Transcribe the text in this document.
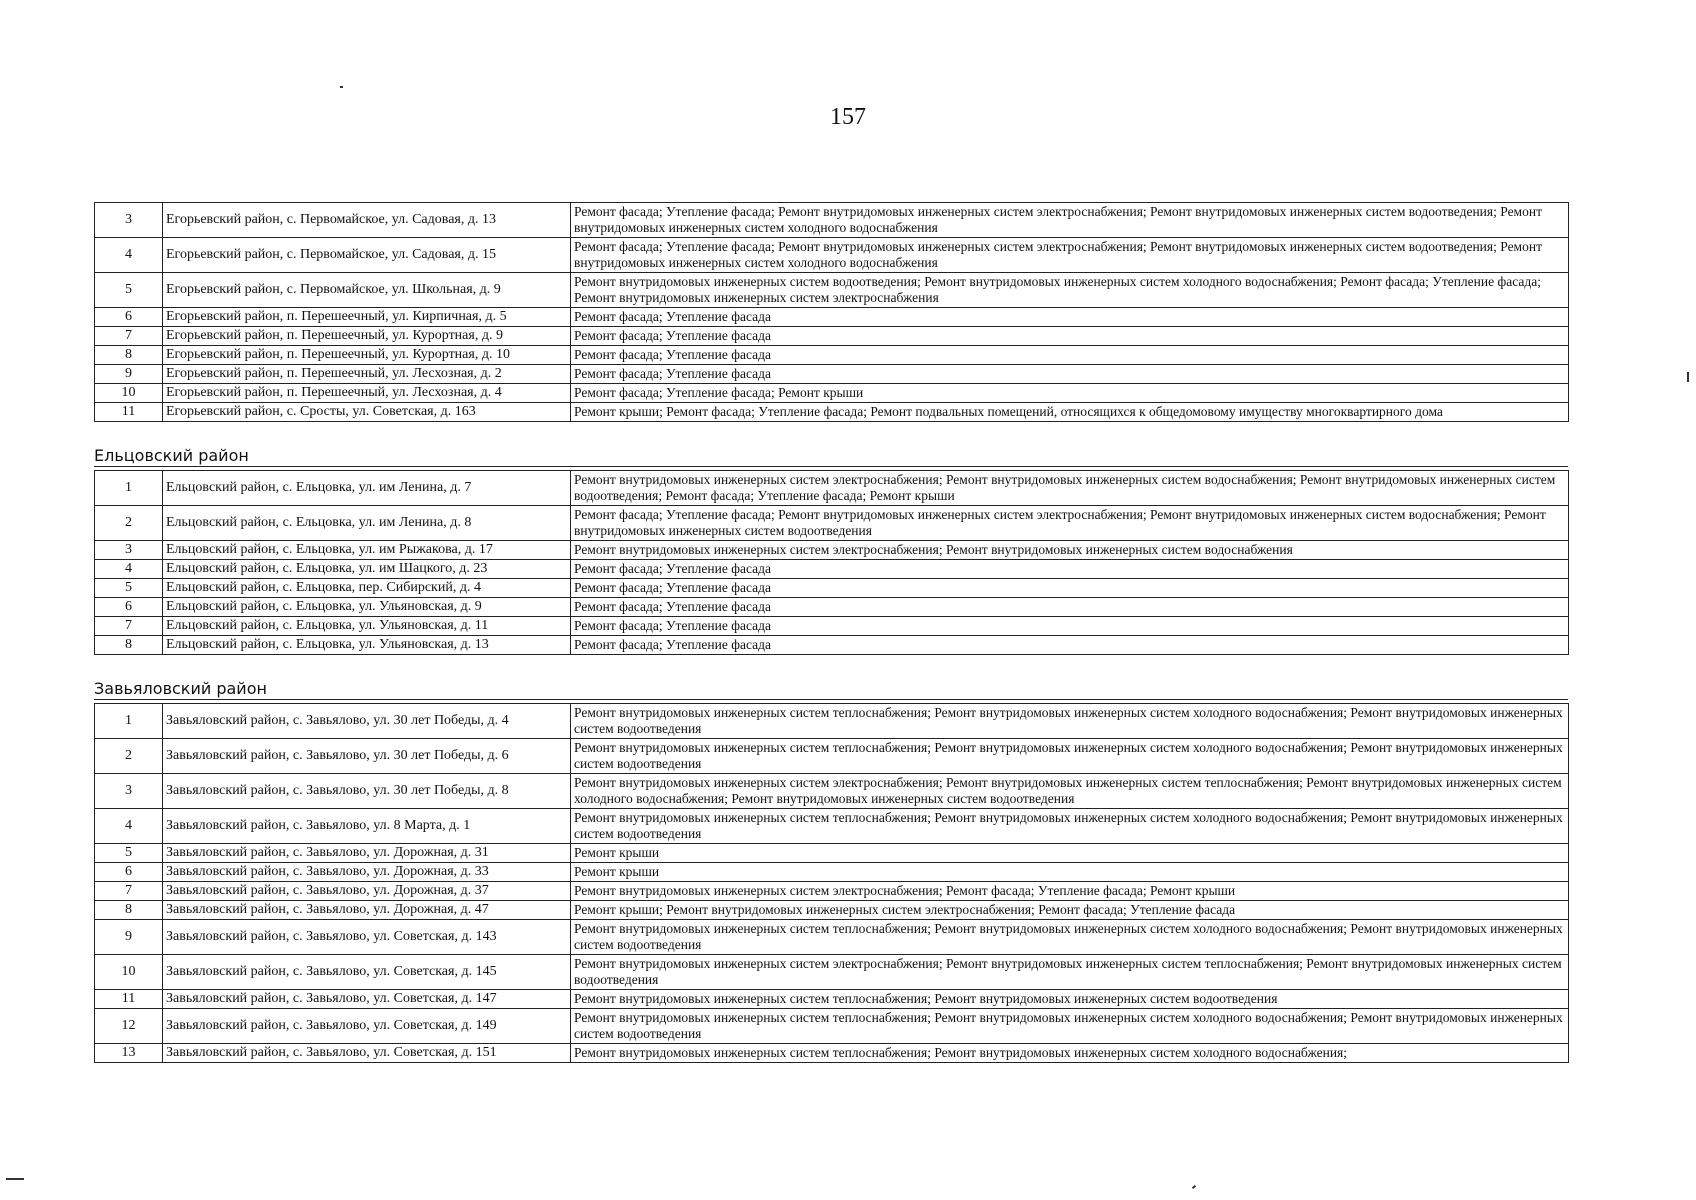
157
3	Егорьевский район, с. Первомайское, ул. Садовая, д. 13	Ремонт фасада; Утепление фасада; Ремонт внутридомовых инженерных систем электроснабжения; Ремонт внутридомовых инженерных систем водоотведения; Ремонт внутридомовых инженерных систем холодного водоснабжения
4	Егорьевский район, с. Первомайское, ул. Садовая, д. 15	Ремонт фасада; Утепление фасада; Ремонт внутридомовых инженерных систем электроснабжения; Ремонт внутридомовых инженерных систем водоотведения; Ремонт внутридомовых инженерных систем холодного водоснабжения
5	Егорьевский район, с. Первомайское, ул. Школьная, д. 9	Ремонт внутридомовых инженерных систем водоотведения; Ремонт внутридомовых инженерных систем холодного водоснабжения; Ремонт фасада; Утепление фасада; Ремонт внутридомовых инженерных систем электроснабжения
6	Егорьевский район, п. Перешеечный, ул. Кирпичная, д. 5	Ремонт фасада; Утепление фасада
7	Егорьевский район, п. Перешеечный, ул. Курортная, д. 9	Ремонт фасада; Утепление фасада
8	Егорьевский район, п. Перешеечный, ул. Курортная, д. 10	Ремонт фасада; Утепление фасада
9	Егорьевский район, п. Перешеечный, ул. Лесхозная, д. 2	Ремонт фасада; Утепление фасада
10	Егорьевский район, п. Перешеечный, ул. Лесхозная, д. 4	Ремонт фасада; Утепление фасада; Ремонт крыши
11	Егорьевский район, с. Сросты, ул. Советская, д. 163	Ремонт крыши; Ремонт фасада; Утепление фасада; Ремонт подвальных помещений, относящихся к общедомовому имуществу многоквартирного дома
Ельцовский район
1	Ельцовский район, с. Ельцовка, ул. им Ленина, д. 7	Ремонт внутридомовых инженерных систем электроснабжения; Ремонт внутридомовых инженерных систем водоснабжения; Ремонт внутридомовых инженерных систем водоотведения; Ремонт фасада; Утепление фасада; Ремонт крыши
2	Ельцовский район, с. Ельцовка, ул. им Ленина, д. 8	Ремонт фасада; Утепление фасада; Ремонт внутридомовых инженерных систем электроснабжения; Ремонт внутридомовых инженерных систем водоснабжения; Ремонт внутридомовых инженерных систем водоотведения
3	Ельцовский район, с. Ельцовка, ул. им Рыжакова, д. 17	Ремонт внутридомовых инженерных систем электроснабжения; Ремонт внутридомовых инженерных систем водоснабжения
4	Ельцовский район, с. Ельцовка, ул. им Шацкого, д. 23	Ремонт фасада; Утепление фасада
5	Ельцовский район, с. Ельцовка, пер. Сибирский, д. 4	Ремонт фасада; Утепление фасада
6	Ельцовский район, с. Ельцовка, ул. Ульяновская, д. 9	Ремонт фасада; Утепление фасада
7	Ельцовский район, с. Ельцовка, ул. Ульяновская, д. 11	Ремонт фасада; Утепление фасада
8	Ельцовский район, с. Ельцовка, ул. Ульяновская, д. 13	Ремонт фасада; Утепление фасада
Завьяловский район
1	Завьяловский район, с. Завьялово, ул. 30 лет Победы, д. 4	Ремонт внутридомовых инженерных систем теплоснабжения; Ремонт внутридомовых инженерных систем холодного водоснабжения; Ремонт внутридомовых инженерных систем водоотведения
2	Завьяловский район, с. Завьялово, ул. 30 лет Победы, д. 6	Ремонт внутридомовых инженерных систем теплоснабжения; Ремонт внутридомовых инженерных систем холодного водоснабжения; Ремонт внутридомовых инженерных систем водоотведения
3	Завьяловский район, с. Завьялово, ул. 30 лет Победы, д. 8	Ремонт внутридомовых инженерных систем электроснабжения; Ремонт внутридомовых инженерных систем теплоснабжения; Ремонт внутридомовых инженерных систем холодного водоснабжения; Ремонт внутридомовых инженерных систем водоотведения
4	Завьяловский район, с. Завьялово, ул. 8 Марта, д. 1	Ремонт внутридомовых инженерных систем теплоснабжения; Ремонт внутридомовых инженерных систем холодного водоснабжения; Ремонт внутридомовых инженерных систем водоотведения
5	Завьяловский район, с. Завьялово, ул. Дорожная, д. 31	Ремонт крыши
6	Завьяловский район, с. Завьялово, ул. Дорожная, д. 33	Ремонт крыши
7	Завьяловский район, с. Завьялово, ул. Дорожная, д. 37	Ремонт внутридомовых инженерных систем электроснабжения; Ремонт фасада; Утепление фасада; Ремонт крыши
8	Завьяловский район, с. Завьялово, ул. Дорожная, д. 47	Ремонт крыши; Ремонт внутридомовых инженерных систем электроснабжения; Ремонт фасада; Утепление фасада
9	Завьяловский район, с. Завьялово, ул. Советская, д. 143	Ремонт внутридомовых инженерных систем теплоснабжения; Ремонт внутридомовых инженерных систем холодного водоснабжения; Ремонт внутридомовых инженерных систем водоотведения
10	Завьяловский район, с. Завьялово, ул. Советская, д. 145	Ремонт внутридомовых инженерных систем электроснабжения; Ремонт внутридомовых инженерных систем теплоснабжения; Ремонт внутридомовых инженерных систем водоотведения
11	Завьяловский район, с. Завьялово, ул. Советская, д. 147	Ремонт внутридомовых инженерных систем теплоснабжения; Ремонт внутридомовых инженерных систем водоотведения
12	Завьяловский район, с. Завьялово, ул. Советская, д. 149	Ремонт внутридомовых инженерных систем теплоснабжения; Ремонт внутридомовых инженерных систем холодного водоснабжения; Ремонт внутридомовых инженерных систем водоотведения
13	Завьяловский район, с. Завьялово, ул. Советская, д. 151	Ремонт внутридомовых инженерных систем теплоснабжения; Ремонт внутридомовых инженерных систем холодного водоснабжения;
